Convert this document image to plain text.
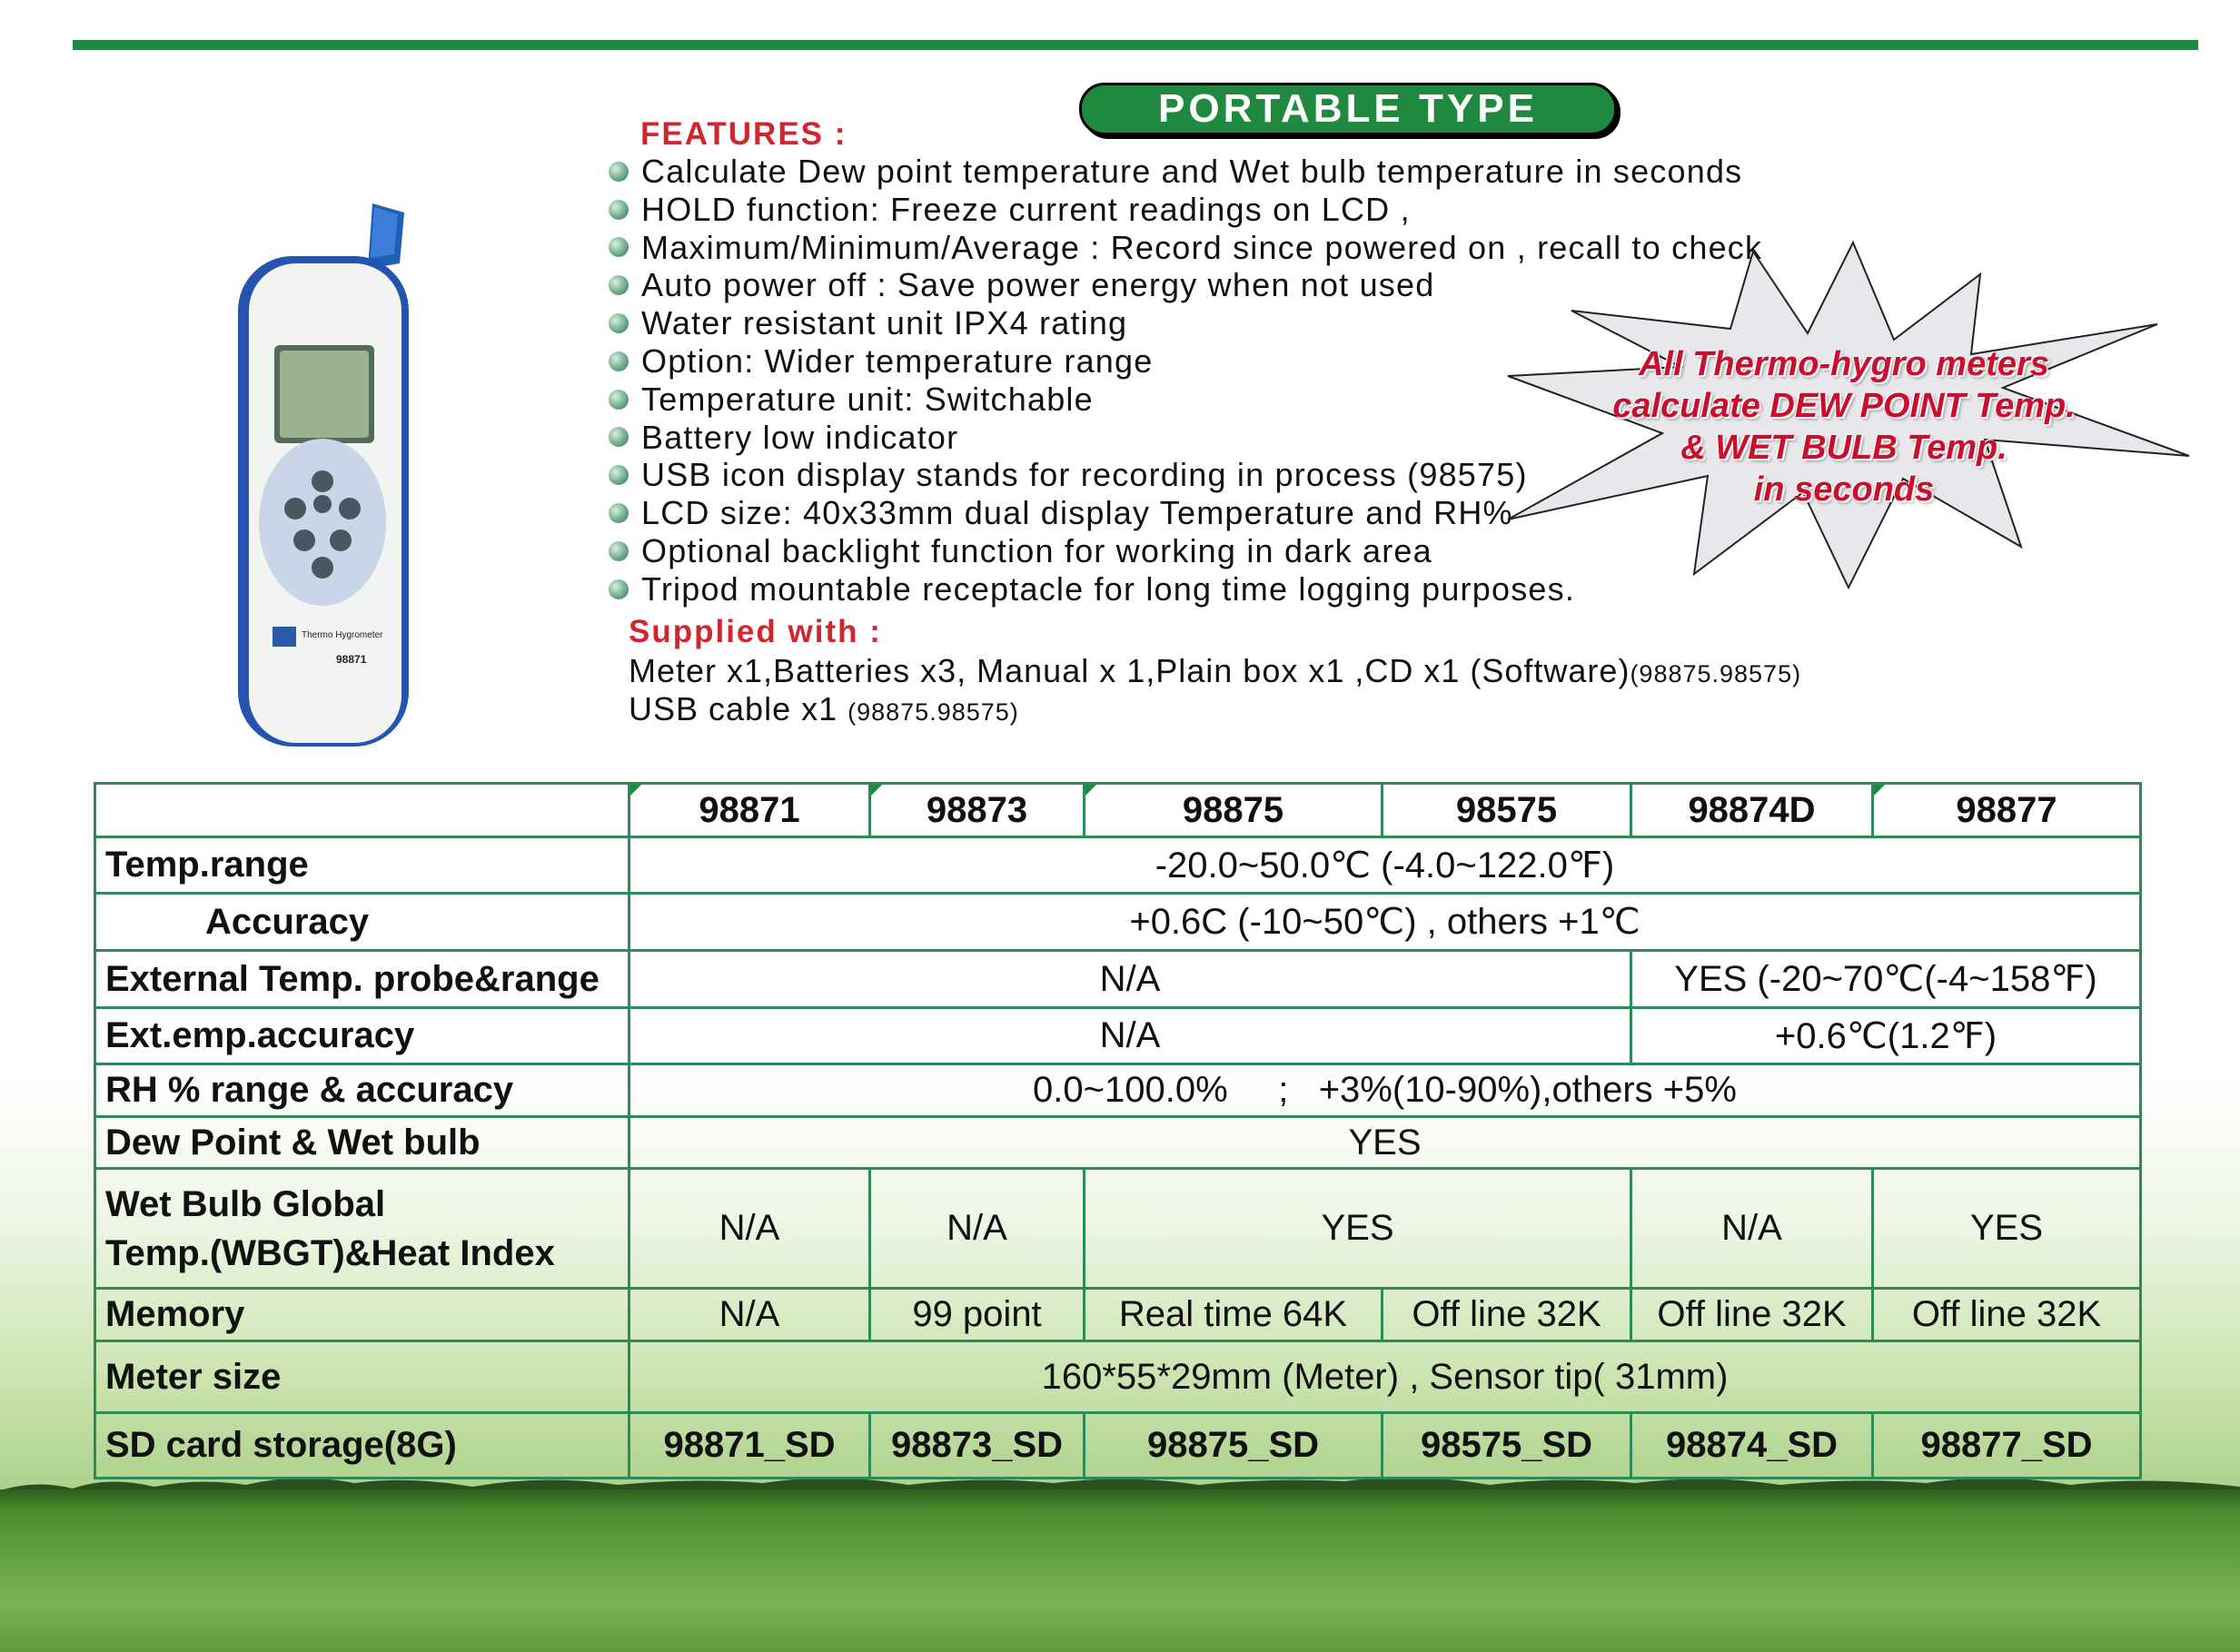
Thermo Hygrometer
98871
PORTABLE TYPE
FEATURES :
Calculate Dew point temperature and Wet bulb temperature in seconds
HOLD function: Freeze current readings on LCD ,
Maximum/Minimum/Average : Record since powered on , recall to check
Auto power off : Save power energy when not used
Water resistant unit IPX4 rating
Option: Wider temperature range
Temperature unit: Switchable
Battery low indicator
USB icon display stands for recording in process (98575)
LCD size: 40x33mm dual display Temperature and RH%
Optional backlight function for working in dark area
Tripod mountable receptacle for long time logging purposes.
Supplied with :
Meter x1,Batteries x3, Manual x 1,Plain box x1 ,CD x1 (Software)(98875.98575)
USB cable x1 (98875.98575)
All Thermo-hygro meters
calculate DEW POINT Temp.
& WET BULB Temp.
in seconds

98871	98873	98875	98575	98874D	98877
Temp.range	-20.0~50.0℃ (-4.0~122.0℉)					
Accuracy	+0.6C (-10~50℃) , others +1℃					
External Temp. probe&range	N/A				YES (-20~70℃(-4~158℉)	
Ext.emp.accuracy	N/A				+0.6℃(1.2℉)	
RH % range & accuracy	0.0~100.0%     ;   +3%(10-90%),others +5%					
Dew Point & Wet bulb	YES					

Wet Bulb Global
Temp.(WBGT)&Heat Index	N/A	N/A	YES		N/A	YES
Memory	N/A	99 point	Real time 64K	Off line 32K	Off line 32K	Off line 32K
Meter size	160*55*29mm (Meter) , Sensor tip( 31mm)					
SD card storage(8G)	98871_SD	98873_SD	98875_SD	98575_SD	98874_SD	98877_SD
